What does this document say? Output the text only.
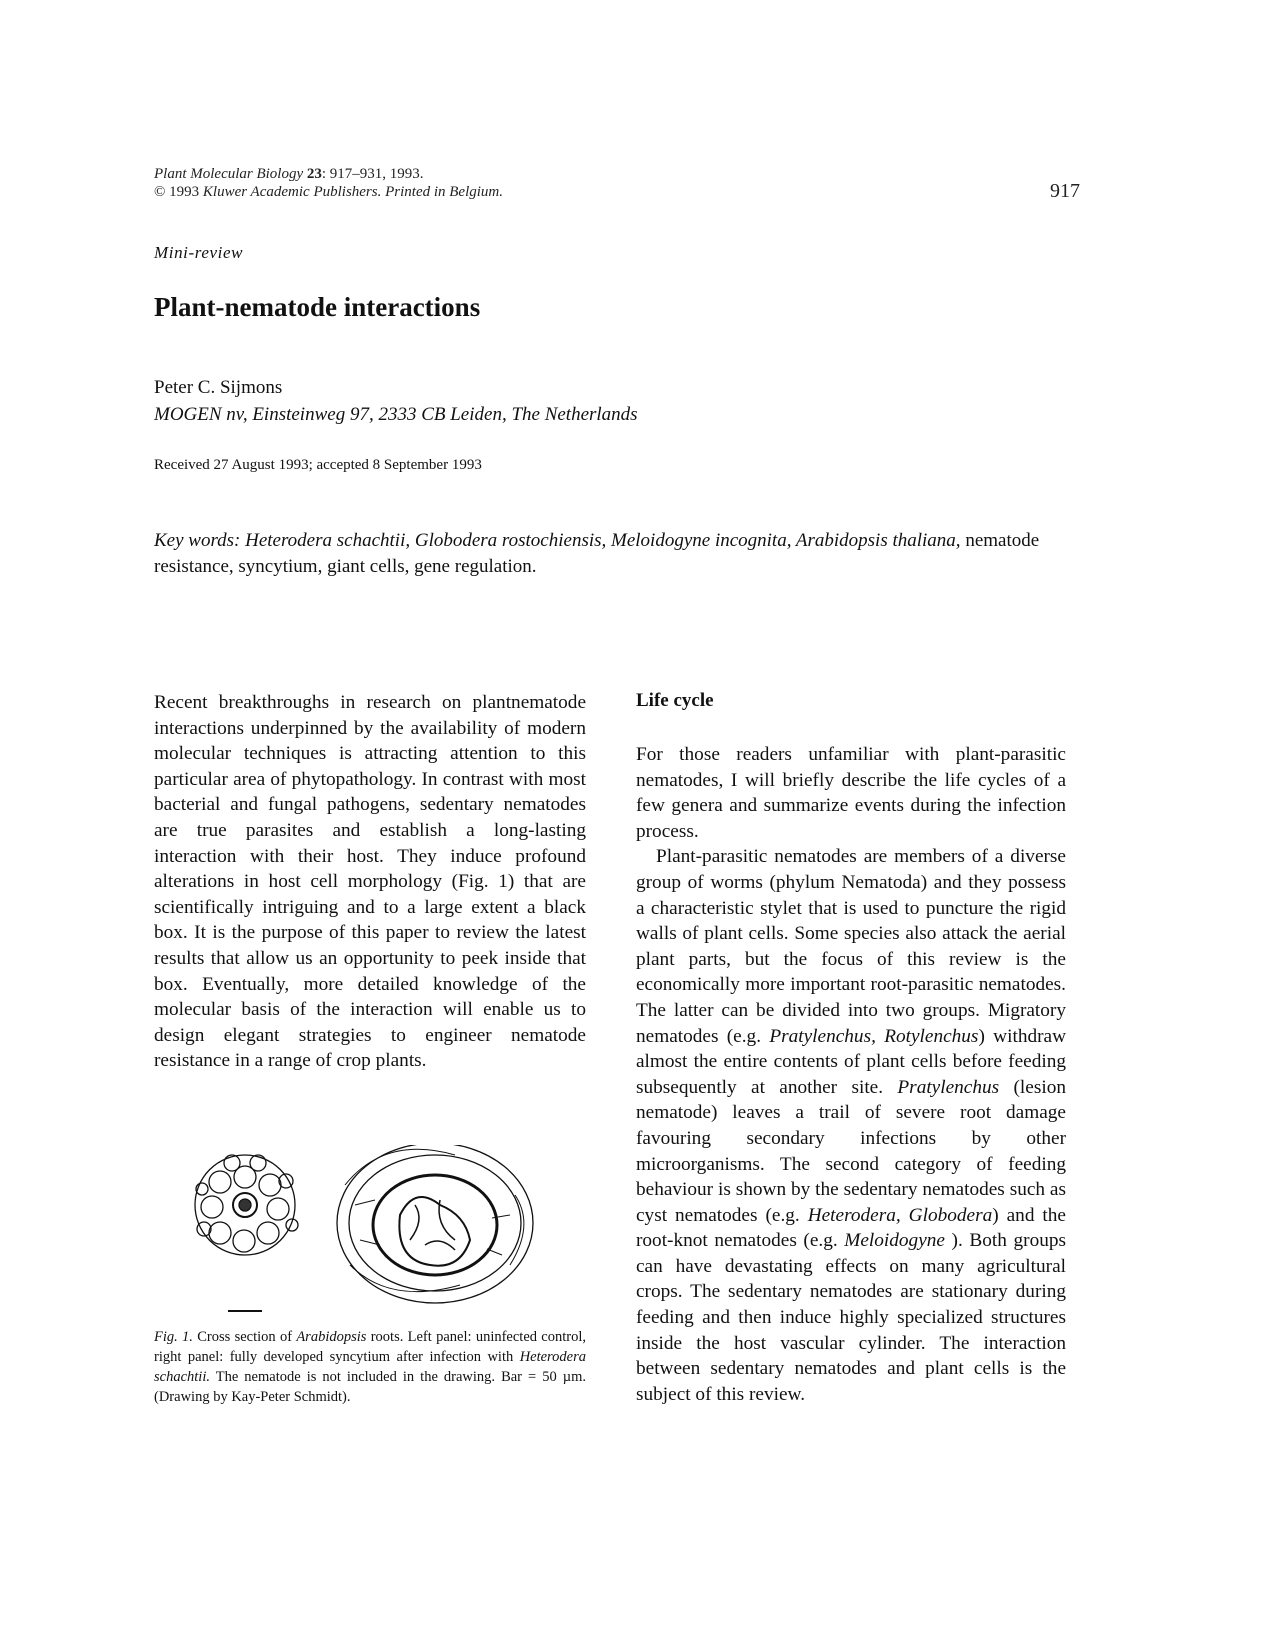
Plant Molecular Biology 23: 917–931, 1993.
© 1993 Kluwer Academic Publishers. Printed in Belgium.	917
Mini-review
Plant-nematode interactions
Peter C. Sijmons
MOGEN nv, Einsteinweg 97, 2333 CB Leiden, The Netherlands
Received 27 August 1993; accepted 8 September 1993
Key words: Heterodera schachtii, Globodera rostochiensis, Meloidogyne incognita, Arabidopsis thaliana, nematode resistance, syncytium, giant cells, gene regulation.
Recent breakthroughs in research on plantnematode interactions underpinned by the availability of modern molecular techniques is attracting attention to this particular area of phytopathology. In contrast with most bacterial and fungal pathogens, sedentary nematodes are true parasites and establish a long-lasting interaction with their host. They induce profound alterations in host cell morphology (Fig. 1) that are scientifically intriguing and to a large extent a black box. It is the purpose of this paper to review the latest results that allow us an opportunity to peek inside that box. Eventually, more detailed knowledge of the molecular basis of the interaction will enable us to design elegant strategies to engineer nematode resistance in a range of crop plants.
Fig. 1. Cross section of Arabidopsis roots. Left panel: uninfected control, right panel: fully developed syncytium after infection with Heterodera schachtii. The nematode is not included in the drawing. Bar = 50 µm. (Drawing by Kay-Peter Schmidt).
Life cycle

For those readers unfamiliar with plant-parasitic nematodes, I will briefly describe the life cycles of a few genera and summarize events during the infection process.

Plant-parasitic nematodes are members of a diverse group of worms (phylum Nematoda) and they possess a characteristic stylet that is used to puncture the rigid walls of plant cells. Some species also attack the aerial plant parts, but the focus of this review is the economically more important root-parasitic nematodes. The latter can be divided into two groups. Migratory nematodes (e.g. Pratylenchus, Rotylenchus) withdraw almost the entire contents of plant cells before feeding subsequently at another site. Pratylenchus (lesion nematode) leaves a trail of severe root damage favouring secondary infections by other microorganisms. The second category of feeding behaviour is shown by the sedentary nematodes such as cyst nematodes (e.g. Heterodera, Globodera) and the root-knot nematodes (e.g. Meloidogyne ). Both groups can have devastating effects on many agricultural crops. The sedentary nematodes are stationary during feeding and then induce highly specialized structures inside the host vascular cylinder. The interaction between sedentary nematodes and plant cells is the subject of this review.
